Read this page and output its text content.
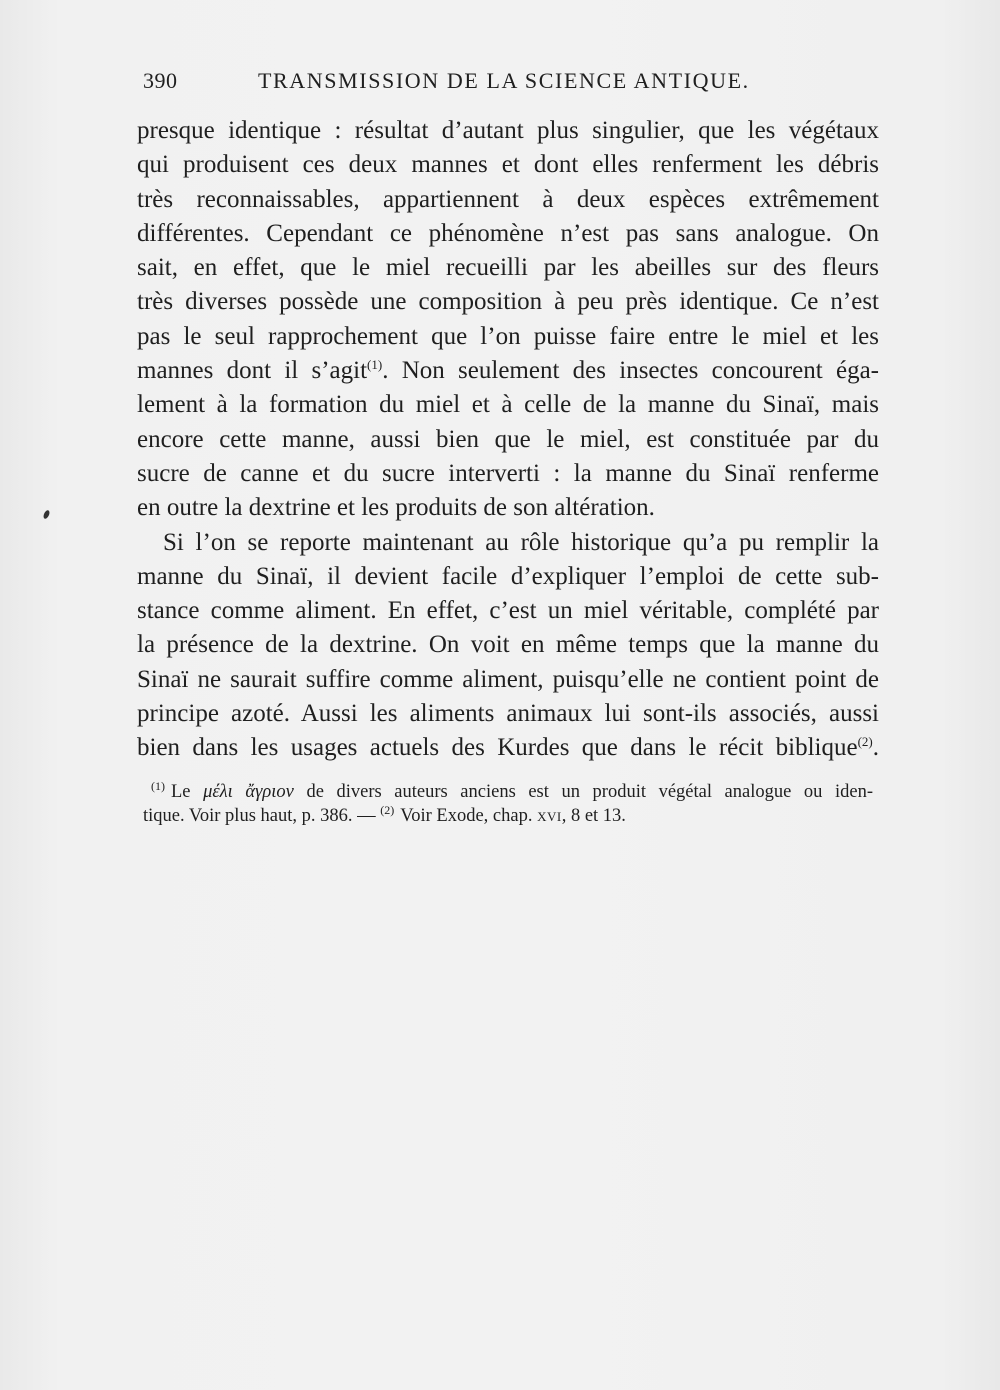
390	TRANSMISSION DE LA SCIENCE ANTIQUE.
presque identique : résultat d’autant plus singulier, que les végétaux
qui produisent ces deux mannes et dont elles renferment les débris
très reconnaissables, appartiennent à deux espèces extrêmement
différentes. Cependant ce phénomène n’est pas sans analogue. On
sait, en effet, que le miel recueilli par les abeilles sur des fleurs
très diverses possède une composition à peu près identique. Ce n’est
pas le seul rapprochement que l’on puisse faire entre le miel et les
mannes dont il s’agit$^{(1)}$. Non seulement des insectes concourent éga-
lement à la formation du miel et à celle de la manne du Sinaï, mais
encore cette manne, aussi bien que le miel, est constituée par du
sucre de canne et du sucre interverti : la manne du Sinaï renferme
en outre la dextrine et les produits de son altération.
Si l’on se reporte maintenant au rôle historique qu’a pu remplir la
manne du Sinaï, il devient facile d’expliquer l’emploi de cette sub-
stance comme aliment. En effet, c’est un miel véritable, complété par
la présence de la dextrine. On voit en même temps que la manne du
Sinaï ne saurait suffire comme aliment, puisqu’elle ne contient point de
principe azoté. Aussi les aliments animaux lui sont-ils associés, aussi
bien dans les usages actuels des Kurdes que dans le récit biblique$^{(2)}$.
$^{(1)}$ Le μέλι ἄγριον de divers auteurs anciens est un produit végétal analogue ou iden-
tique. Voir plus haut, p. 386. — $^{(2)}$ Voir Exode, chap. xvi, 8 et 13.
